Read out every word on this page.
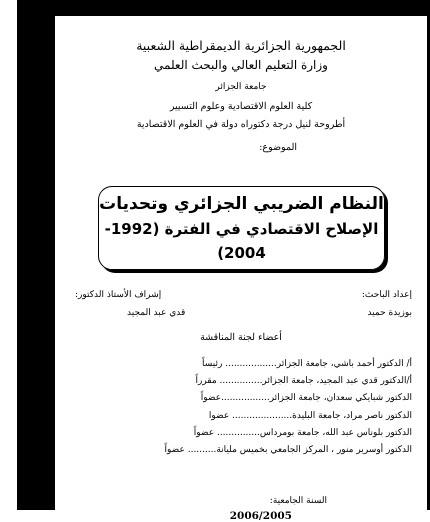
الجمهورية الجزائرية الديمقراطية الشعبية
وزارة التعليم العالي والبحث العلمي
جامعة الجزائر
كلية العلوم الاقتصادية وعلوم التسيير
أطروحة لنيل درجة دكتوراه دولة في العلوم الاقتصادية
الموضوع:
النظام الضريبي الجزائري وتحديات
الإصلاح الاقتصادي في الفترة (1992-2004)
إعداد الباحث:
بوزيدة حميد
إشراف الأستاذ الدكتور:
قدي عبد المجيد
أعضاء لجنة المناقشة
أ/ الدكتور أحمد باشي، جامعة الجزائر.................. رئيساً
أ/الدكتور قدي عبد المجيد، جامعة الجزائر............... مقرراً
الدكتور شبايكي سعدان، جامعة الجزائر.................عضواً
الدكتور ناصر مراد، جامعة البليدة..................... عضوا
الدكتور بلوناس عبد الله، جامعة بومرداس............... عضواً
الدكتور أوسرير منور ، المركز الجامعي بخميس مليانة.......... عضواً
السنة الجامعية:
2006/2005
